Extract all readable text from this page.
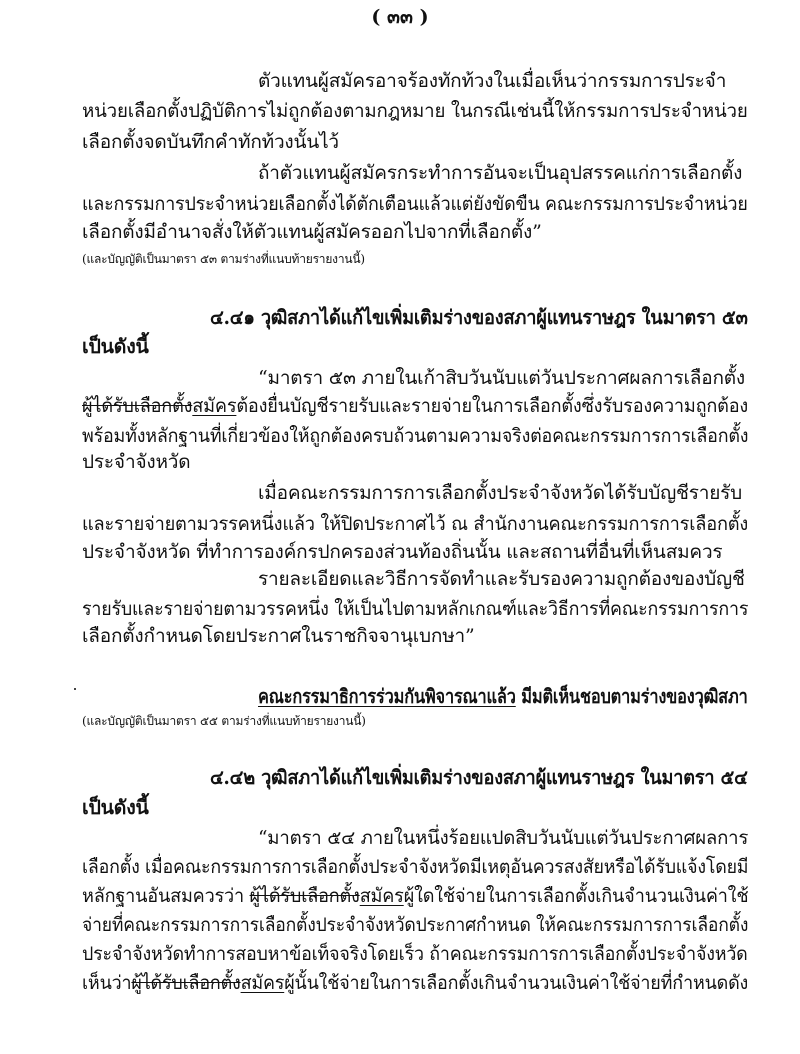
( ๓๓ )
ตัวแทนผู้สมัครอาจร้องทักท้วงในเมื่อเห็นว่ากรรมการประจำ
หน่วยเลือกตั้งปฏิบัติการไม่ถูกต้องตามกฎหมาย ในกรณีเช่นนี้ให้กรรมการประจำหน่วย
เลือกตั้งจดบันทึกคำทักท้วงนั้นไว้
ถ้าตัวแทนผู้สมัครกระทำการอันจะเป็นอุปสรรคแก่การเลือกตั้ง
และกรรมการประจำหน่วยเลือกตั้งได้ตักเตือนแล้วแต่ยังขัดขืน คณะกรรมการประจำหน่วย
เลือกตั้งมีอำนาจสั่งให้ตัวแทนผู้สมัครออกไปจากที่เลือกตั้ง”
(และบัญญัติเป็นมาตรา ๕๓ ตามร่างที่แนบท้ายรายงานนี้)
๔.๔๑ วุฒิสภาได้แก้ไขเพิ่มเติมร่างของสภาผู้แทนราษฎร ในมาตรา ๕๓
เป็นดังนี้
“มาตรา ๕๓ ภายในเก้าสิบวันนับแต่วันประกาศผลการเลือกตั้ง
ผู้ได้รับเลือกตั้งสมัครต้องยื่นบัญชีรายรับและรายจ่ายในการเลือกตั้งซึ่งรับรองความถูกต้อง
พร้อมทั้งหลักฐานที่เกี่ยวข้องให้ถูกต้องครบถ้วนตามความจริงต่อคณะกรรมการการเลือกตั้ง
ประจำจังหวัด
เมื่อคณะกรรมการการเลือกตั้งประจำจังหวัดได้รับบัญชีรายรับ
และรายจ่ายตามวรรคหนึ่งแล้ว ให้ปิดประกาศไว้ ณ สำนักงานคณะกรรมการการเลือกตั้ง
ประจำจังหวัด ที่ทำการองค์กรปกครองส่วนท้องถิ่นนั้น และสถานที่อื่นที่เห็นสมควร
รายละเอียดและวิธีการจัดทำและรับรองความถูกต้องของบัญชี
รายรับและรายจ่ายตามวรรคหนึ่ง ให้เป็นไปตามหลักเกณฑ์และวิธีการที่คณะกรรมการการ
เลือกตั้งกำหนดโดยประกาศในราชกิจจานุเบกษา”
คณะกรรมาธิการร่วมกันพิจารณาแล้ว มีมติเห็นชอบตามร่างของวุฒิสภา
(และบัญญัติเป็นมาตรา ๕๕ ตามร่างที่แนบท้ายรายงานนี้)
๔.๔๒ วุฒิสภาได้แก้ไขเพิ่มเติมร่างของสภาผู้แทนราษฎร ในมาตรา ๕๔
เป็นดังนี้
“มาตรา ๕๔ ภายในหนึ่งร้อยแปดสิบวันนับแต่วันประกาศผลการ
เลือกตั้ง เมื่อคณะกรรมการการเลือกตั้งประจำจังหวัดมีเหตุอันควรสงสัยหรือได้รับแจ้งโดยมี
หลักฐานอันสมควรว่า ผู้ได้รับเลือกตั้งสมัครผู้ใดใช้จ่ายในการเลือกตั้งเกินจำนวนเงินค่าใช้
จ่ายที่คณะกรรมการการเลือกตั้งประจำจังหวัดประกาศกำหนด ให้คณะกรรมการการเลือกตั้ง
ประจำจังหวัดทำการสอบหาข้อเท็จจริงโดยเร็ว ถ้าคณะกรรมการการเลือกตั้งประจำจังหวัด
เห็นว่าผู้ได้รับเลือกตั้งสมัครผู้นั้นใช้จ่ายในการเลือกตั้งเกินจำนวนเงินค่าใช้จ่ายที่กำหนดดัง
